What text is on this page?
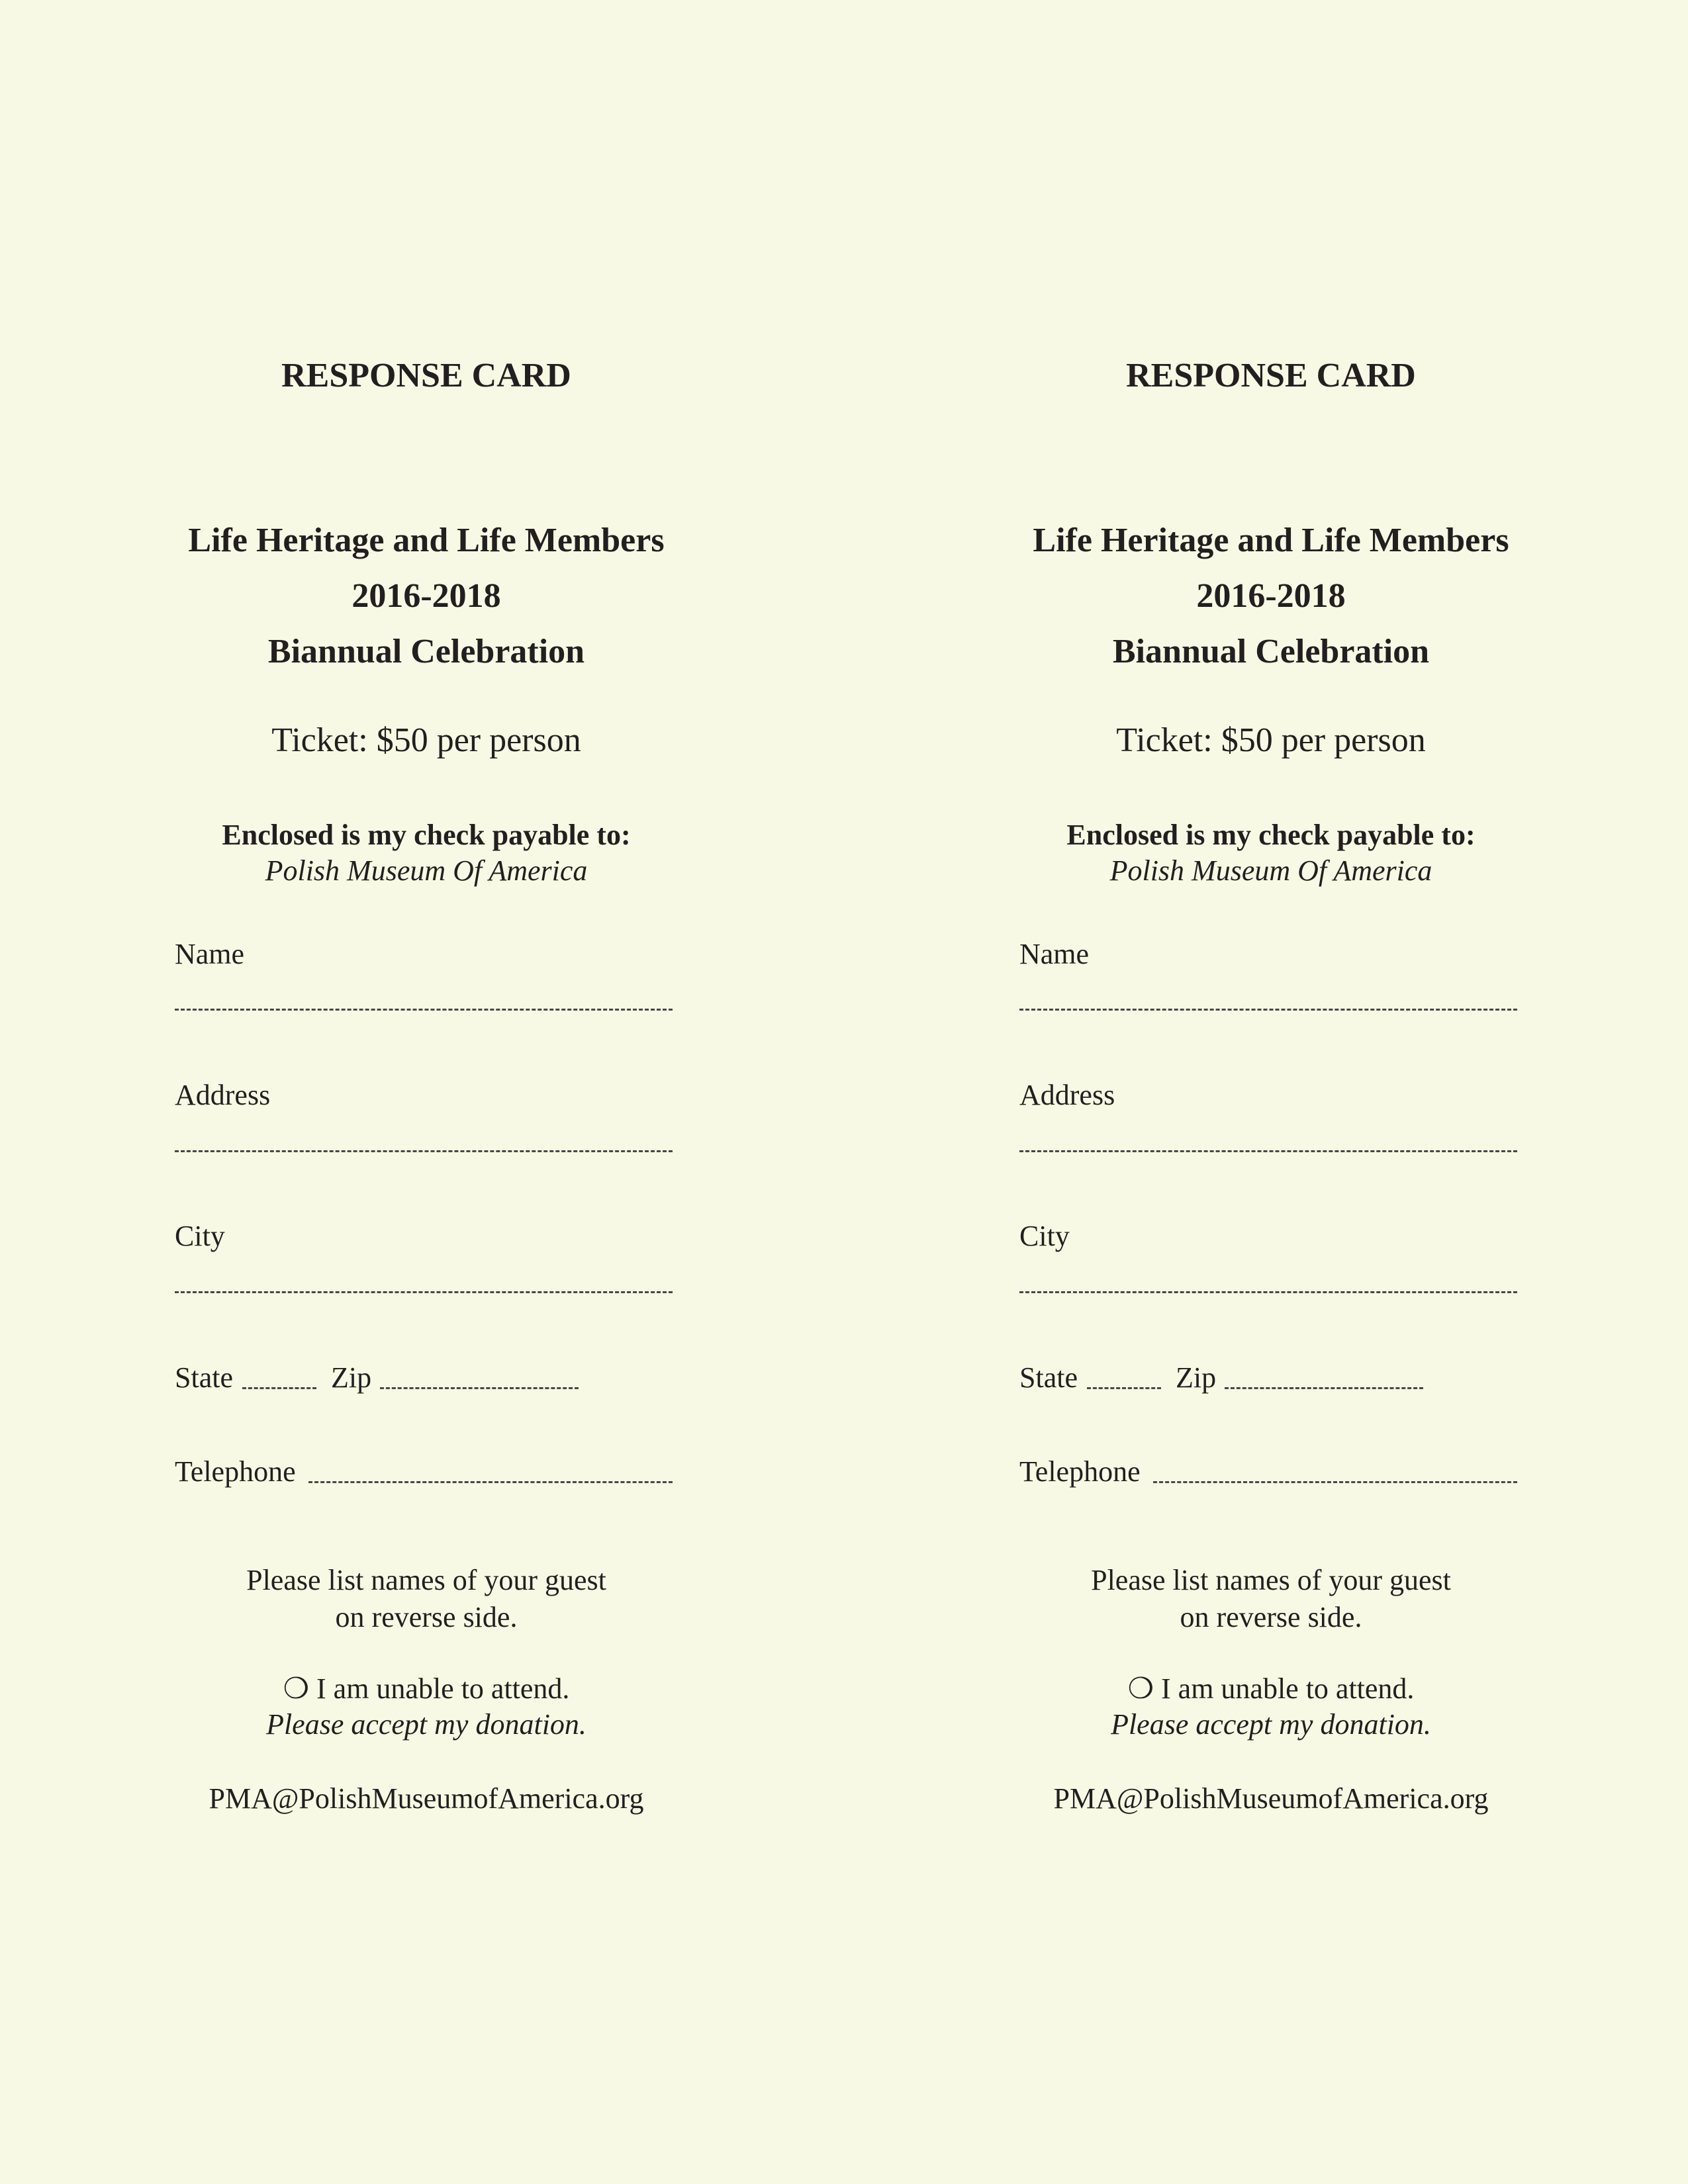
RESPONSE CARD
Life Heritage and Life Members
2016-2018
Biannual Celebration
Ticket: $50 per person
Enclosed is my check payable to:
Polish Museum Of America
Name
Address
City
State	Zip
Telephone
Please list names of your guest
on reverse side.
❍ I am unable to attend.
Please accept my donation.
PMA@PolishMuseumofAmerica.org
RESPONSE CARD
Life Heritage and Life Members
2016-2018
Biannual Celebration
Ticket: $50 per person
Enclosed is my check payable to:
Polish Museum Of America
Name
Address
City
State	Zip
Telephone
Please list names of your guest
on reverse side.
❍ I am unable to attend.
Please accept my donation.
PMA@PolishMuseumofAmerica.org
